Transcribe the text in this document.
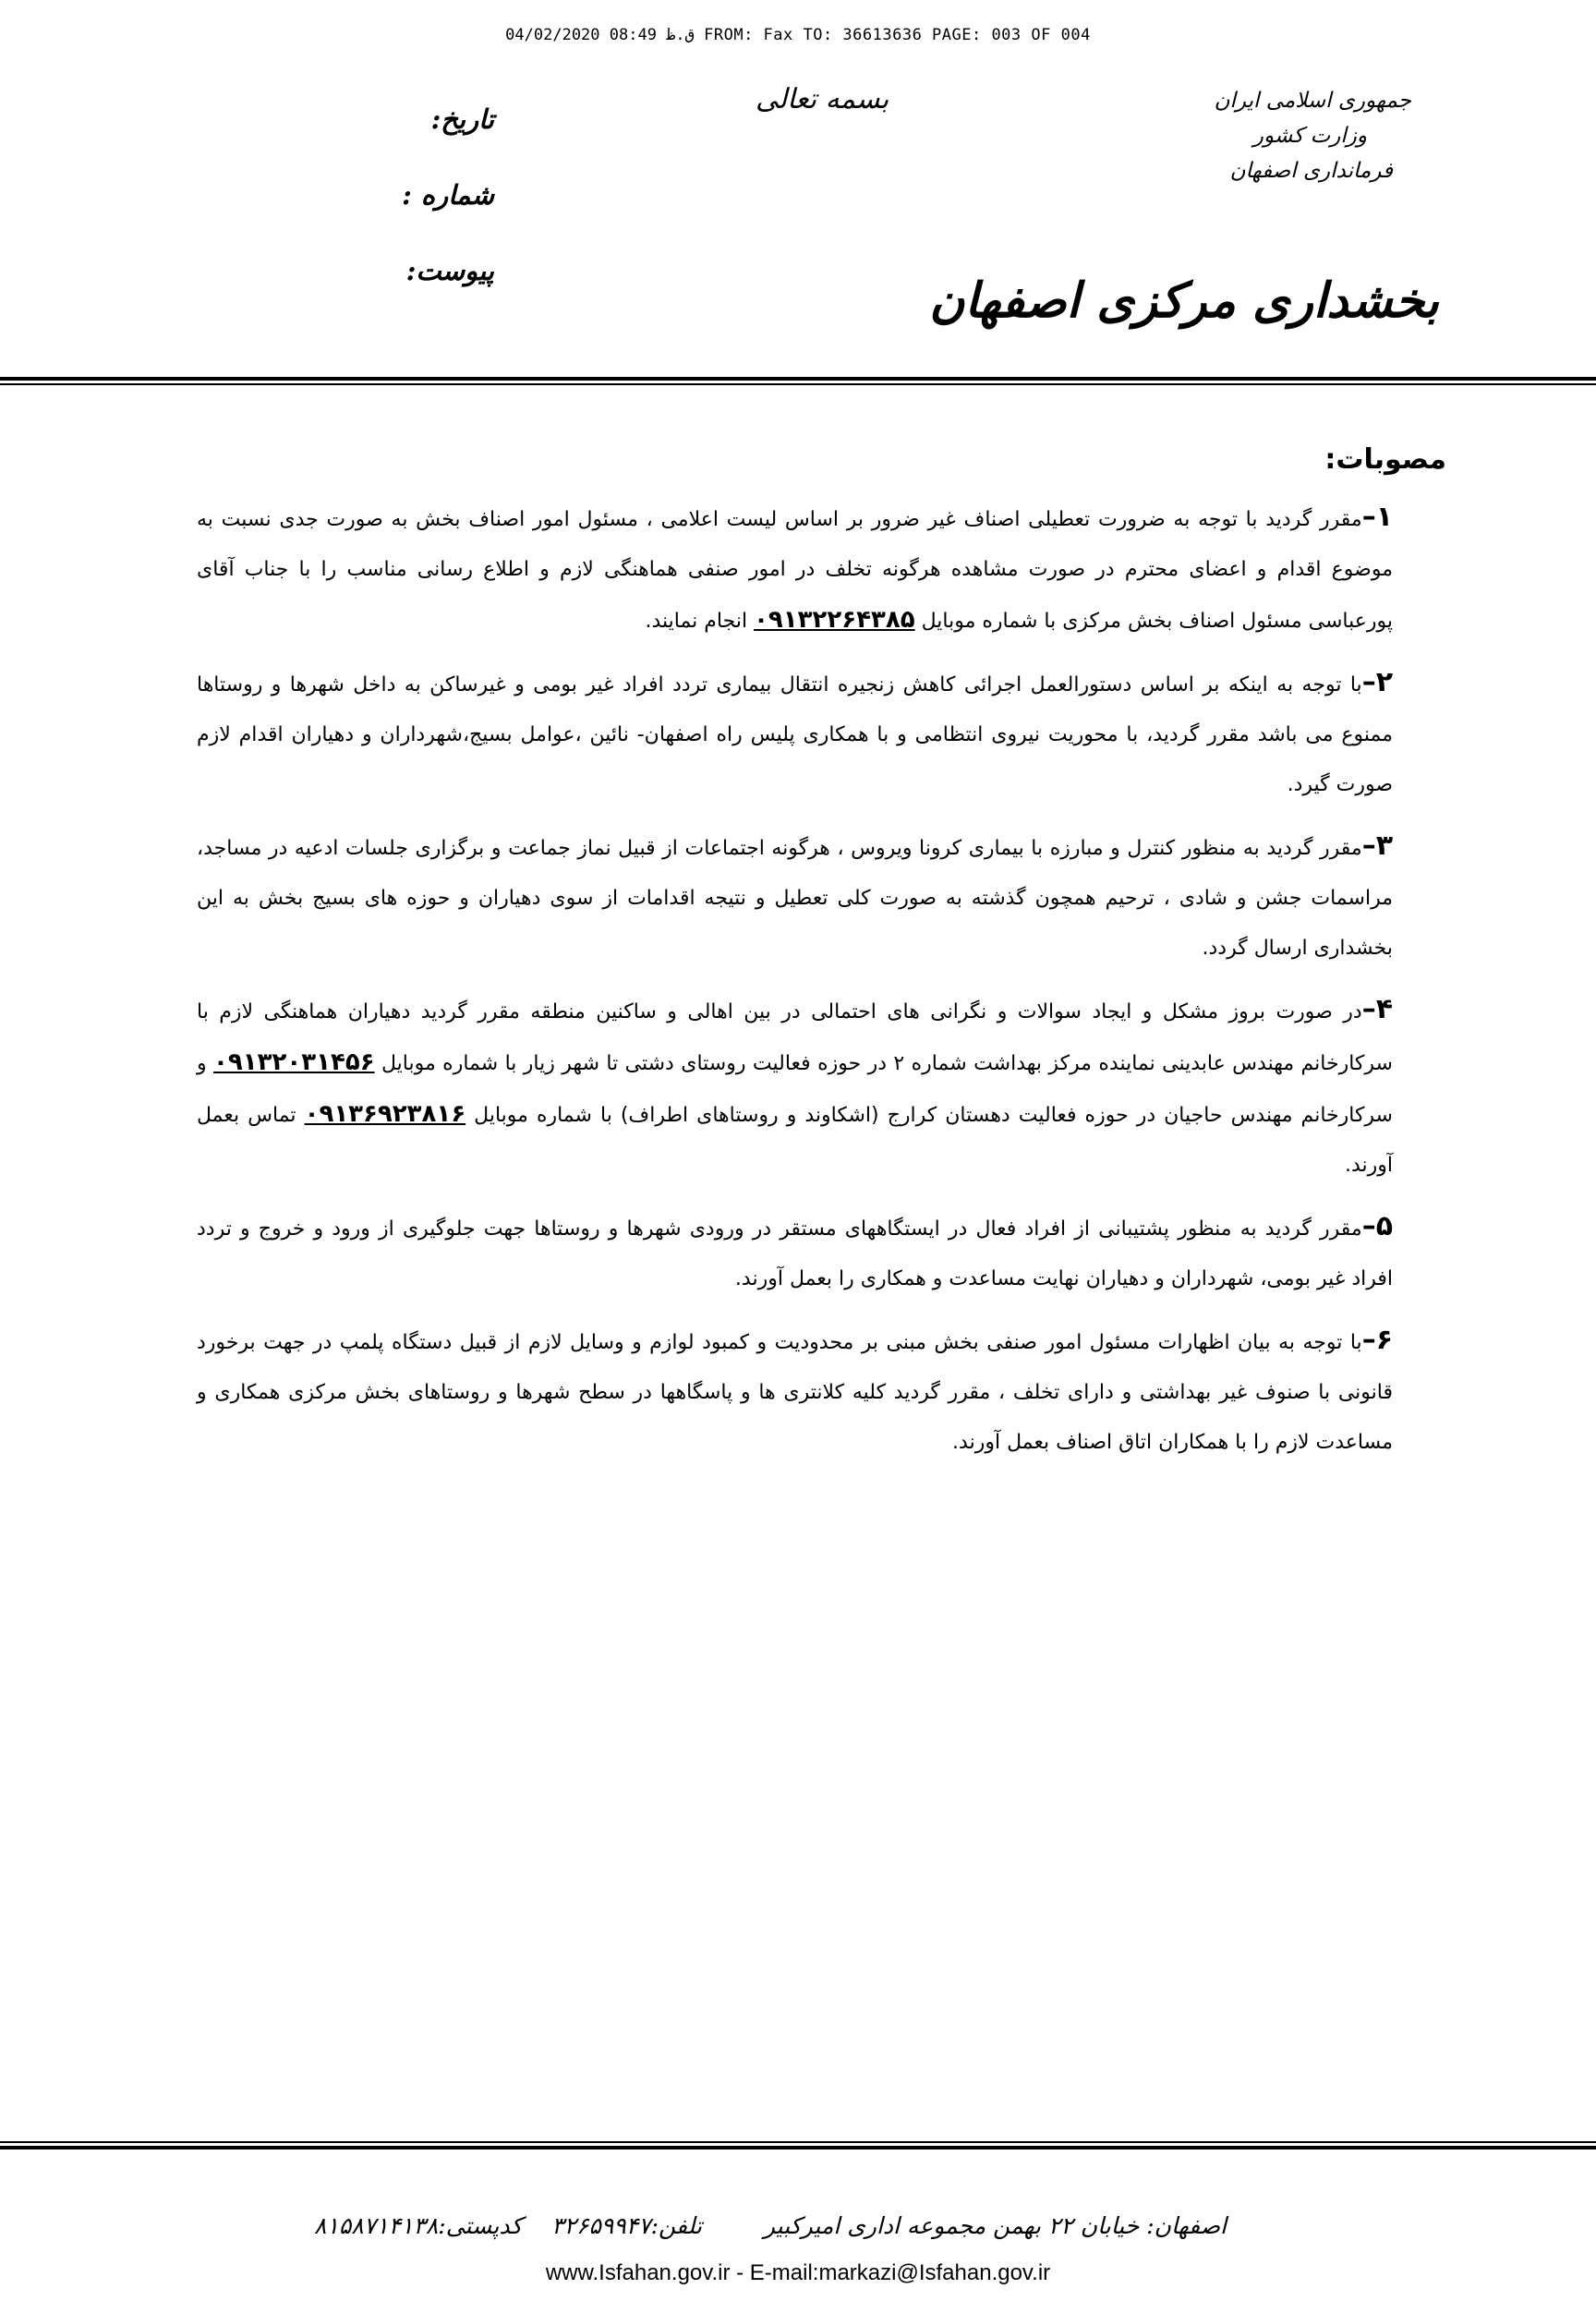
04/02/2020 ق.ظ 08:49 FROM: Fax TO: 36613636 PAGE: 003 OF 004
جمهوری اسلامی ایران
وزارت کشور
فرمانداری اصفهان
بخشداری مرکزی اصفهان
بسمه تعالی
تاریخ:
شماره :
پیوست:
مصوبات:
۱–مقرر گردید با توجه به ضرورت تعطیلی اصناف غیر ضرور بر اساس لیست اعلامی ، مسئول امور اصناف بخش به صورت جدی نسبت به موضوع اقدام و اعضای محترم در صورت مشاهده هرگونه تخلف در امور صنفی هماهنگی لازم و اطلاع رسانی مناسب را با جناب آقای پورعباسی مسئول اصناف بخش مرکزی با شماره موبایل ۰۹۱۳۲۲۶۴۳۸۵ انجام نمایند.
۲–با توجه به اینکه بر اساس دستورالعمل اجرائی کاهش زنجیره انتقال بیماری تردد افراد غیر بومی و غیرساکن به داخل شهرها و روستاها ممنوع می باشد مقرر گردید، با محوریت نیروی انتظامی و با همکاری پلیس راه اصفهان- نائین ،عوامل بسیج،شهرداران و دهیاران اقدام لازم صورت گیرد.
۳–مقرر گردید به منظور کنترل و مبارزه با بیماری کرونا ویروس ، هرگونه اجتماعات از قبیل نماز جماعت و برگزاری جلسات ادعیه در مساجد، مراسمات جشن و شادی ، ترحیم همچون گذشته به صورت کلی تعطیل و نتیجه اقدامات از سوی دهیاران و حوزه های بسیج بخش به این بخشداری ارسال گردد.
۴–در صورت بروز مشکل و ایجاد سوالات و نگرانی های احتمالی در بین اهالی و ساکنین منطقه مقرر گردید دهیاران هماهنگی لازم با سرکارخانم مهندس عابدینی نماینده مرکز بهداشت شماره ۲ در حوزه فعالیت روستای دشتی تا شهر زیار با شماره موبایل ۰۹۱۳۲۰۳۱۴۵۶ و سرکارخانم مهندس حاجیان در حوزه فعالیت دهستان کرارج (اشکاوند و روستاهای اطراف) با شماره موبایل ۰۹۱۳۶۹۲۳۸۱۶ تماس بعمل آورند.
۵–مقرر گردید به منظور پشتیبانی از افراد فعال در ایستگاههای مستقر در ورودی شهرها و روستاها جهت جلوگیری از ورود و خروج و تردد افراد غیر بومی، شهرداران و دهیاران نهایت مساعدت و همکاری را بعمل آورند.
۶–با توجه به بیان اظهارات مسئول امور صنفی بخش مبنی بر محدودیت و کمبود لوازم و وسایل لازم از قبیل دستگاه پلمپ در جهت برخورد قانونی با صنوف غیر بهداشتی و دارای تخلف ، مقرر گردید کلیه کلانتری ها و پاسگاهها در سطح شهرها و روستاهای بخش مرکزی همکاری و مساعدت لازم را با همکاران اتاق اصناف بعمل آورند.
اصفهان: خیابان ۲۲ بهمن مجموعه اداری امیرکبیر
تلفن:۳۲۶۵۹۹۴۷    کدپستی:۸۱۵۸۷۱۴۱۳۸
www.Isfahan.gov.ir - E-mail:markazi@Isfahan.gov.ir
